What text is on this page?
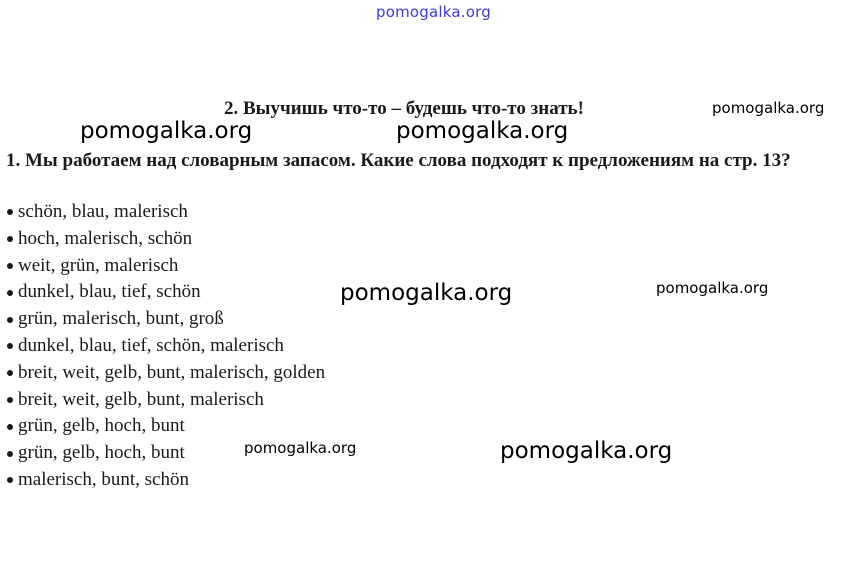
pomogalka.org
2. Выучишь что-то – будешь что-то знать!
1. Мы работаем над словарным запасом. Какие слова подходят к предложениям на стр. 13?
schön, blau, malerisch
hoch, malerisch, schön
weit, grün, malerisch
dunkel, blau, tief, schön
grün, malerisch, bunt, groß
dunkel, blau, tief, schön, malerisch
breit, weit, gelb, bunt, malerisch, golden
breit, weit, gelb, bunt, malerisch
grün, gelb, hoch, bunt
grün, gelb, hoch, bunt
malerisch, bunt, schön
pomogalka.org	pomogalka.org
pomogalka.org
pomogalka.org	pomogalka.org
pomogalka.org	pomogalka.org
